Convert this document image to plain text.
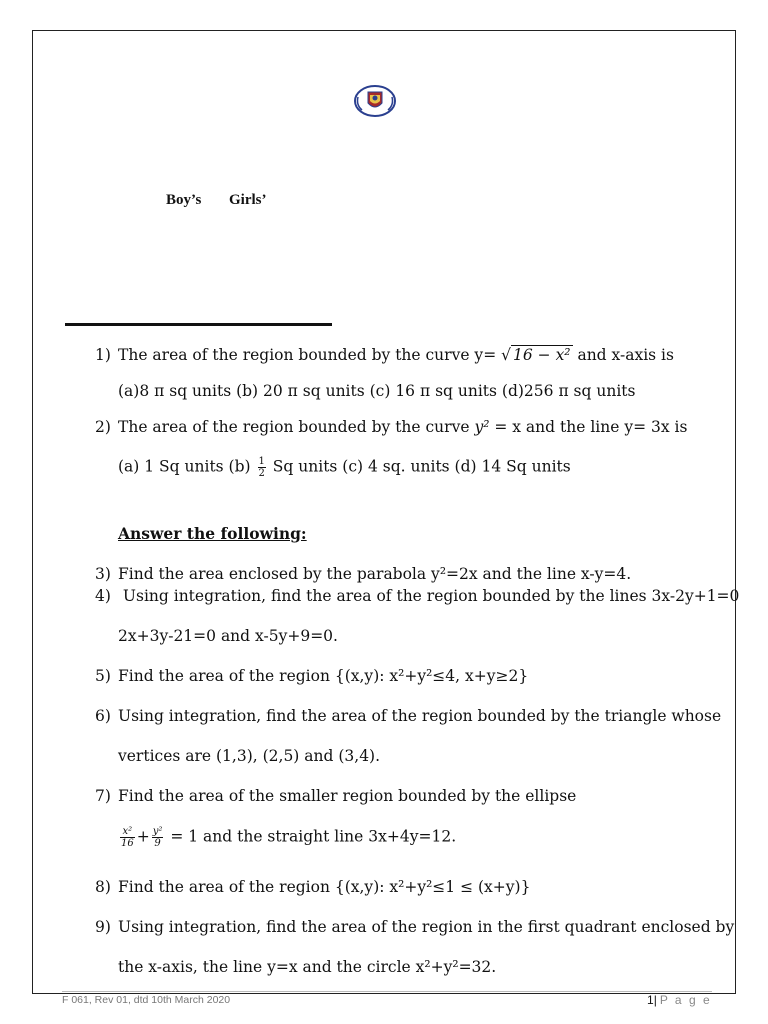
Boy’s Girls’
1) The area of the region bounded by the curve y= √ 16 − x² and x-axis is
(a)8 π sq units (b) 20 π sq units (c) 16 π sq units (d)256 π sq units
2) The area of the region bounded by the curve y² = x and the line y= 3x is
(a) 1 Sq units $(b) \frac{1}{2}$ Sq units (c) 4 sq. units (d) 14 Sq units
Answer the following:
3) Find the area enclosed by the parabola y²=2x and the line x-y=4.
4) Using integration, find the area of the region bounded by the lines 3x-2y+1=0
2x+3y-21=0 and x-5y+9=0.
5) Find the area of the region {(x,y): x²+y²≤4, x+y≥2}
6) Using integration, find the area of the region bounded by the triangle whose
vertices are (1,3), (2,5) and (3,4).
7) Find the area of the smaller region bounded by the ellipse
$\frac{\text{x²}}{16} + \frac{\text{y²}}{9} = 1$ and the straight line 3x+4y=12.
8) Find the area of the region {(x,y): x²+y²≤1 ≤ (x+y)}
9) Using integration, find the area of the region in the first quadrant enclosed by
the x-axis, the line y=x and the circle x²+y²=32.
F 061, Rev 01, dtd 10th March 2020	1| P a g e
